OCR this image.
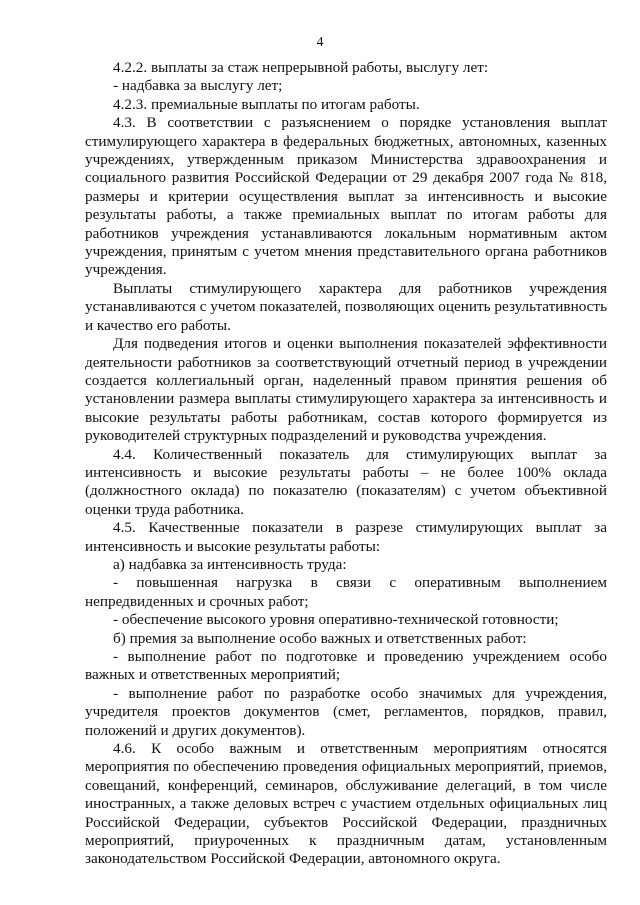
4

4.2.2. выплаты за стаж непрерывной работы, выслугу лет:

- надбавка за выслугу лет;

4.2.3. премиальные выплаты по итогам работы.

4.3. В соответствии с разъяснением о порядке установления выплат стимулирующего характера в федеральных бюджетных, автономных, казенных учреждениях, утвержденным приказом Министерства здравоохранения и социального развития Российской Федерации от 29 декабря 2007 года № 818, размеры и критерии осуществления выплат за интенсивность и высокие результаты работы, а также премиальных выплат по итогам работы для работников учреждения устанавливаются локальным нормативным актом учреждения, принятым с учетом мнения представительного органа работников учреждения.

Выплаты стимулирующего характера для работников учреждения устанавливаются с учетом показателей, позволяющих оценить результативность и качество его работы.

Для подведения итогов и оценки выполнения показателей эффективности деятельности работников за соответствующий отчетный период в учреждении создается коллегиальный орган, наделенный правом принятия решения об установлении размера выплаты стимулирующего характера за интенсивность и высокие результаты работы работникам, состав которого формируется из руководителей структурных подразделений и руководства учреждения.

4.4. Количественный показатель для стимулирующих выплат за интенсивность и высокие результаты работы – не более 100% оклада (должностного оклада) по показателю (показателям) с учетом объективной оценки труда работника.

4.5. Качественные показатели в разрезе стимулирующих выплат за интенсивность и высокие результаты работы:

а) надбавка за интенсивность труда:

- повышенная нагрузка в связи с оперативным выполнением непредвиденных и срочных работ;

- обеспечение высокого уровня оперативно-технической готовности;

б) премия за выполнение особо важных и ответственных работ:

- выполнение работ по подготовке и проведению учреждением особо важных и ответственных мероприятий;

- выполнение работ по разработке особо значимых для учреждения, учредителя проектов документов (смет, регламентов, порядков, правил, положений и других документов).

4.6. К особо важным и ответственным мероприятиям относятся мероприятия по обеспечению проведения официальных мероприятий, приемов, совещаний, конференций, семинаров, обслуживание делегаций, в том числе иностранных, а также деловых встреч с участием отдельных официальных лиц Российской Федерации, субъектов Российской Федерации, праздничных мероприятий, приуроченных к праздничным датам, установленным законодательством Российской Федерации, автономного округа.
